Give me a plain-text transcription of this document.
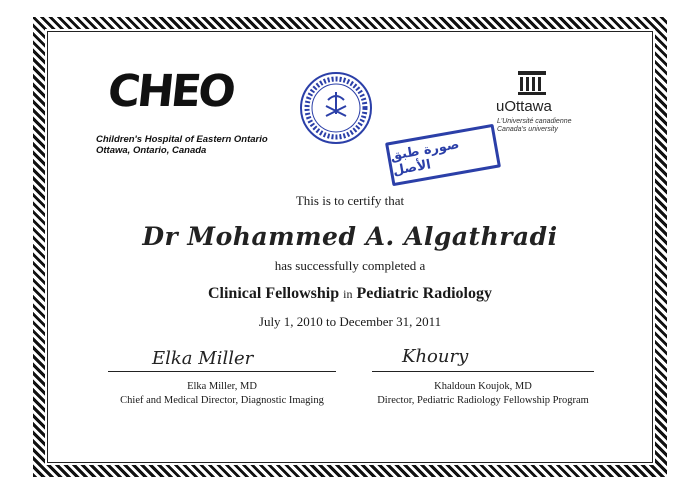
CHEO
Children's Hospital of Eastern Ontario
Ottawa, Ontario, Canada	صورة طبق الأصل
uOttawa
L'Université canadienne
Canada's university
This is to certify that
Dr Mohammed A. Algathradi
has successfully completed a
Clinical Fellowship in Pediatric Radiology
July 1, 2010 to December 31, 2011
Elka Miller
Elka Miller, MD
Chief and Medical Director, Diagnostic Imaging
Khoury
Khaldoun Koujok, MD
Director, Pediatric Radiology Fellowship Program
